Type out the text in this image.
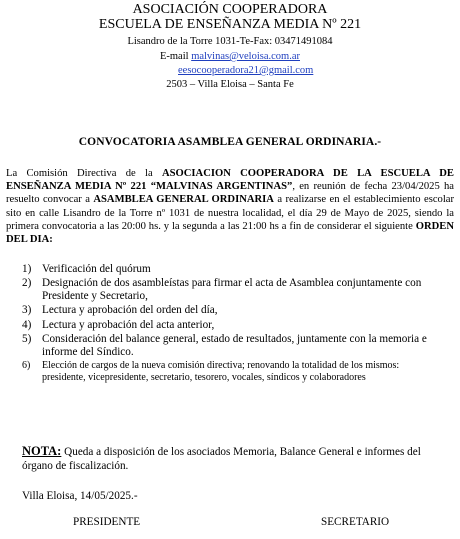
ASOCIACIÓN COOPERADORA
ESCUELA DE ENSEÑANZA MEDIA Nº 221
Lisandro de la Torre 1031-Te-Fax: 03471491084
E-mail malvinas@veloisa.com.ar
eesocooperadora21@gmail.com
2503 – Villa Eloisa – Santa Fe
CONVOCATORIA ASAMBLEA GENERAL ORDINARIA.-
La Comisión Directiva de la ASOCIACION COOPERADORA DE LA ESCUELA DE ENSEÑANZA MEDIA Nº 221 “MALVINAS ARGENTINAS”, en reunión de fecha 23/04/2025 ha resuelto convocar a ASAMBLEA GENERAL ORDINARIA a realizarse en el establecimiento escolar sito en calle Lisandro de la Torre nº 1031 de nuestra localidad, el día 29 de Mayo de 2025, siendo la primera convocatoria a las 20:00 hs. y la segunda a las 21:00 hs a fin de considerar el siguiente ORDEN DEL DIA:
1) Verificación del quórum
2) Designación de dos asambleístas para firmar el acta de Asamblea conjuntamente con Presidente y Secretario,
3) Lectura y aprobación del orden del día,
4) Lectura y aprobación del acta anterior,
5) Consideración del balance general, estado de resultados, juntamente con la memoria e informe del Síndico.
6) Elección de cargos de la nueva comisión directiva; renovando la totalidad de los mismos: presidente, vicepresidente, secretario, tesorero, vocales, síndicos y colaboradores
NOTA: Queda a disposición de los asociados Memoria, Balance General e informes del órgano de fiscalización.
Villa Eloisa, 14/05/2025.-
PRESIDENTE	SECRETARIO
